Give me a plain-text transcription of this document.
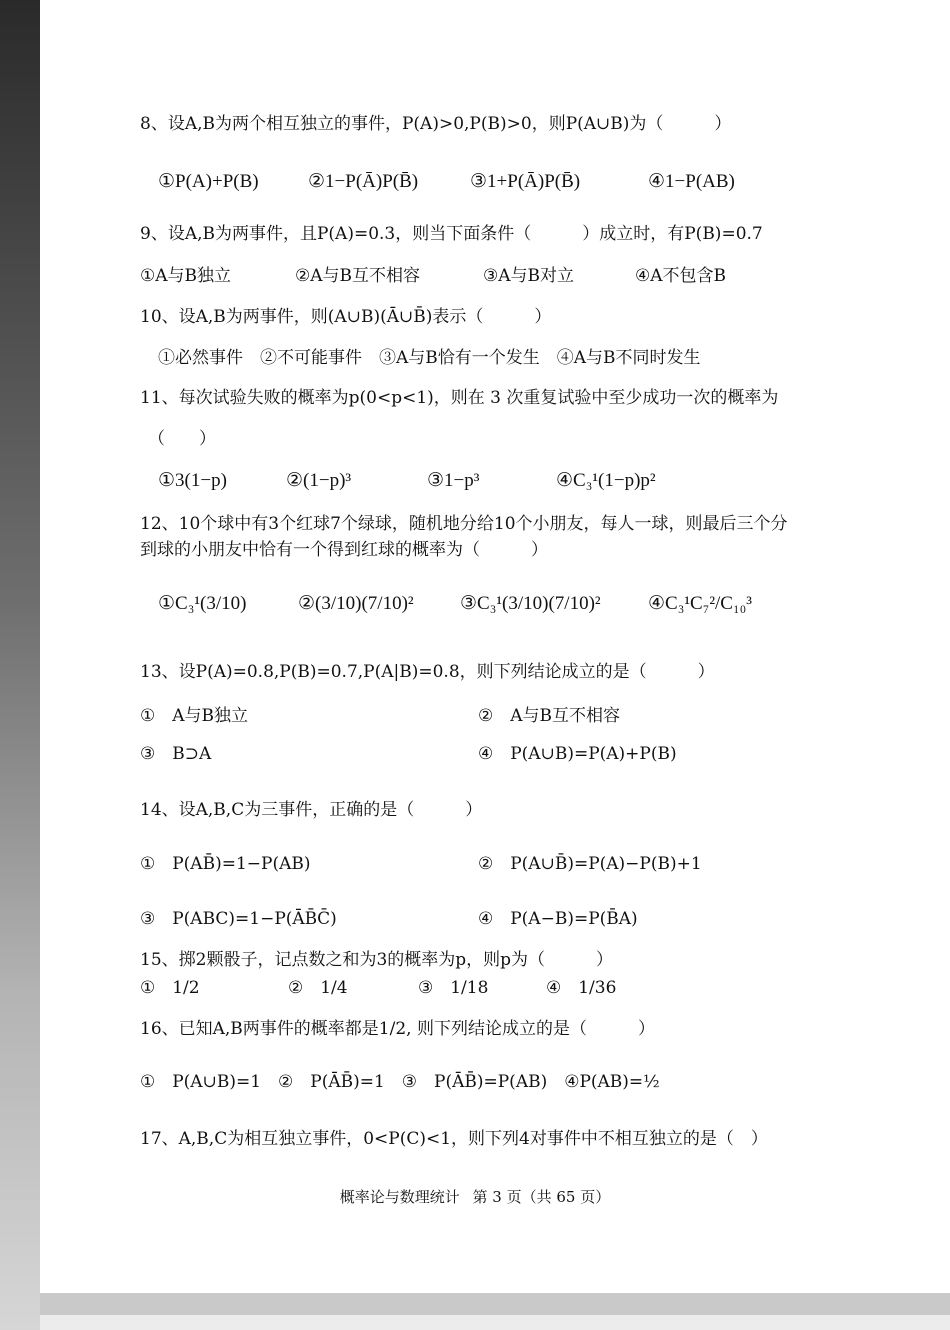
8、设A,B为两个相互独立的事件，P(A)>0,P(B)>0，则P(A∪B)为（　　　）
①P(A)+P(B)	②1−P(Ā)P(B̄)	③1+P(Ā)P(B̄)	④1−P(AB)
9、设A,B为两事件，且P(A)=0.3，则当下面条件（　　　）成立时，有P(B)=0.7
①A与B独立	②A与B互不相容	③A与B对立	④A不包含B
10、设A,B为两事件，则(A∪B)(Ā∪B̄)表示（　　　）
①必然事件　②不可能事件　③A与B恰有一个发生　④A与B不同时发生
11、每次试验失败的概率为p(0<p<1)，则在 3 次重复试验中至少成功一次的概率为
（　　）
①3(1−p)	②(1−p)³	③1−p³	④C₃¹(1−p)p²
12、10个球中有3个红球7个绿球，随机地分给10个小朋友，每人一球，则最后三个分
到球的小朋友中恰有一个得到红球的概率为（　　　）
①C₃¹(3/10)	②(3/10)(7/10)² ③C₃¹(3/10)(7/10)² ④C₃¹C₇²/C₁₀³
13、设P(A)=0.8,P(B)=0.7,P(A|B)=0.8，则下列结论成立的是（　　　）
①　A与B独立	②　A与B互不相容
③　B⊃A	④　P(A∪B)=P(A)+P(B)
14、设A,B,C为三事件，正确的是（　　　）
①　P(AB̄)=1−P(AB)	②　P(A∪B̄)=P(A)−P(B)+1
③　P(ABC)=1−P(ĀB̄C̄)	④　P(A−B)=P(B̄A)
15、掷2颗骰子，记点数之和为3的概率为p，则p为（　　　）
①　1/2	②　1/4	③　1/18	④　1/36
16、已知A,B两事件的概率都是1/2, 则下列结论成立的是（　　　）
①　P(A∪B)=1　②　P(ĀB̄)=1　③　P(ĀB̄)=P(AB)　④P(AB)=½
17、A,B,C为相互独立事件，0<P(C)<1，则下列4对事件中不相互独立的是（　）
概率论与数理统计 第 3 页（共 65 页）
